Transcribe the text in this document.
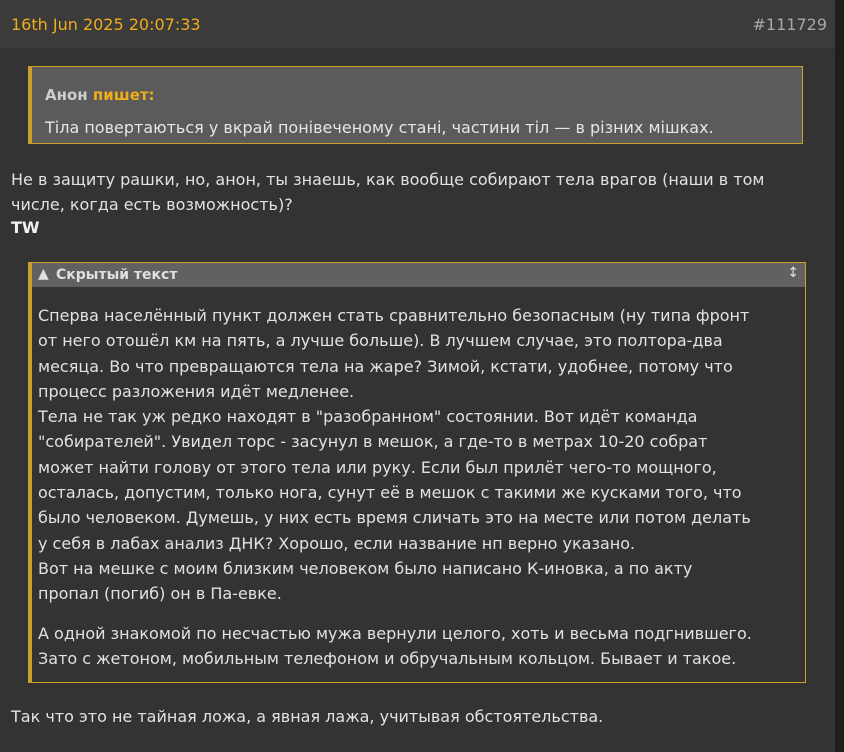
16th Jun 2025 20:07:33	#111729
Анон пишет:
Тіла повертаються у вкрай понівеченому стані, частини тіл — в різних мішках.
Не в защиту рашки, но, анон, ты знаешь, как вообще собирают тела врагов (наши в том
числе, когда есть возможность)?
TW
▲ Скрытый текст	↕
Сперва населённый пункт должен стать сравнительно безопасным (ну типа фронт
от него отошёл км на пять, а лучше больше). В лучшем случае, это полтора-два
месяца. Во что превращаются тела на жаре? Зимой, кстати, удобнее, потому что
процесс разложения идёт медленее.
Тела не так уж редко находят в "разобранном" состоянии. Вот идёт команда
"собирателей". Увидел торс - засунул в мешок, а где-то в метрах 10-20 собрат
может найти голову от этого тела или руку. Если был прилёт чего-то мощного,
осталась, допустим, только нога, сунут её в мешок с такими же кусками того, что
было человеком. Думешь, у них есть время сличать это на месте или потом делать
у себя в лабах анализ ДНК? Хорошо, если название нп верно указано.
Вот на мешке с моим близким человеком было написано К-иновка, а по акту
пропал (погиб) он в Па-евке.
А одной знакомой по несчастью мужа вернули целого, хоть и весьма подгнившего.
Зато с жетоном, мобильным телефоном и обручальным кольцом. Бывает и такое.
Так что это не тайная ложа, а явная лажа, учитывая обстоятельства.
